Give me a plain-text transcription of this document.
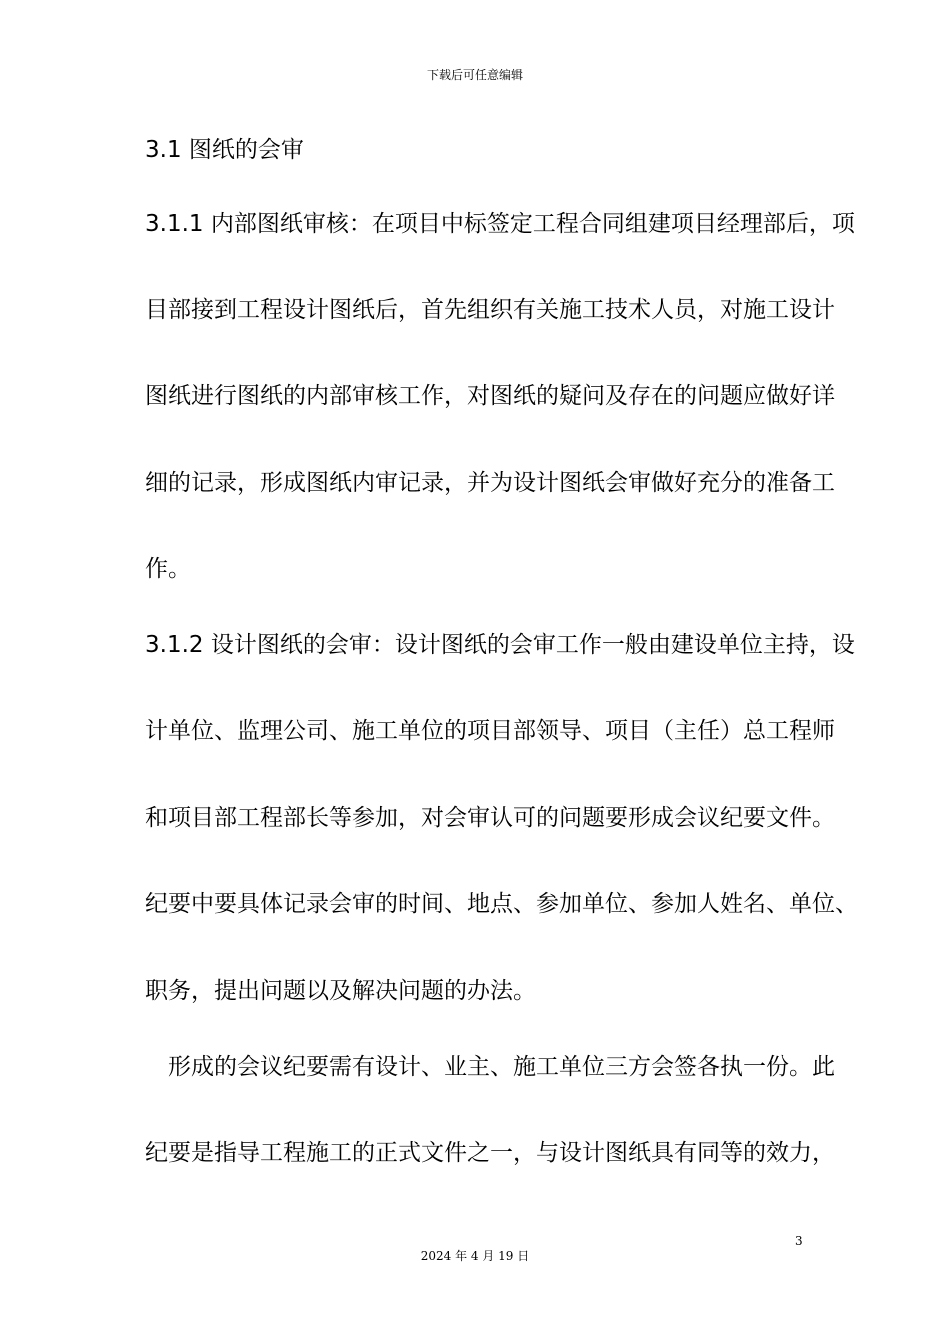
下载后可任意编辑
3.1 图纸的会审
3.1.1 内部图纸审核：在项目中标签定工程合同组建项目经理部后，项
目部接到工程设计图纸后，首先组织有关施工技术人员，对施工设计
图纸进行图纸的内部审核工作，对图纸的疑问及存在的问题应做好详
细的记录，形成图纸内审记录，并为设计图纸会审做好充分的准备工
作。
3.1.2 设计图纸的会审：设计图纸的会审工作一般由建设单位主持，设
计单位、监理公司、施工单位的项目部领导、项目（主任）总工程师
和项目部工程部长等参加，对会审认可的问题要形成会议纪要文件。
纪要中要具体记录会审的时间、地点、参加单位、参加人姓名、单位、
职务，提出问题以及解决问题的办法。
　形成的会议纪要需有设计、业主、施工单位三方会签各执一份。此
纪要是指导工程施工的正式文件之一，与设计图纸具有同等的效力，
3
2024 年 4 月 19 日
